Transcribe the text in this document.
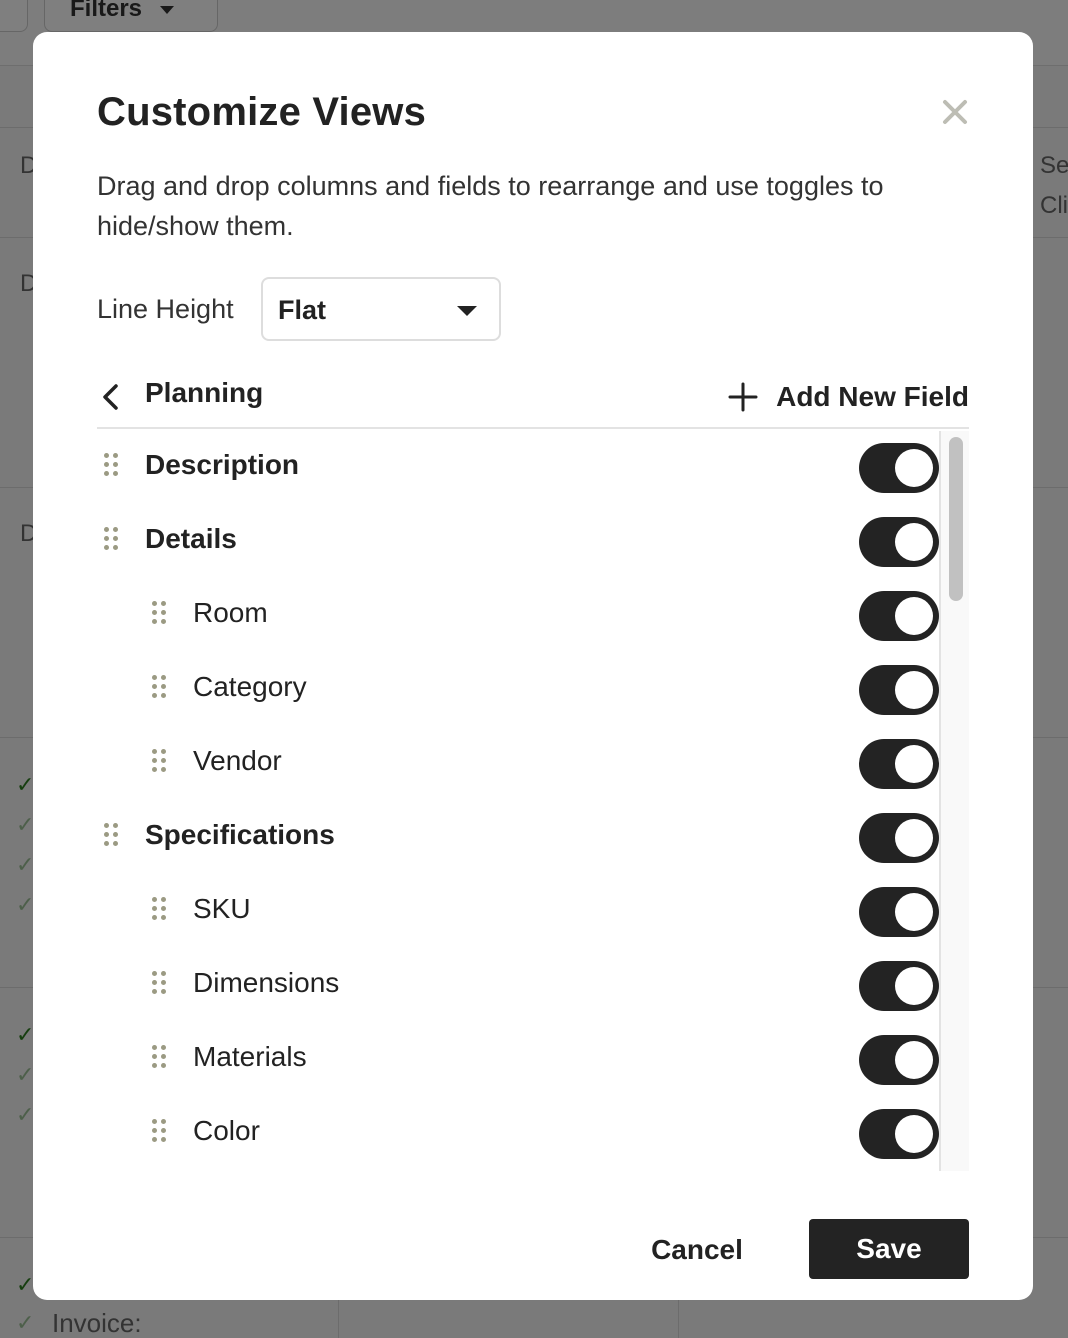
Customize Views
Drag and drop columns and fields to rearrange and use toggles to hide/show them.
Line Height Flat
Planning	Add New Field
Description
Details
Room
Category
Vendor
Specifications
SKU
Dimensions
Materials
Color
Cancel	Save
